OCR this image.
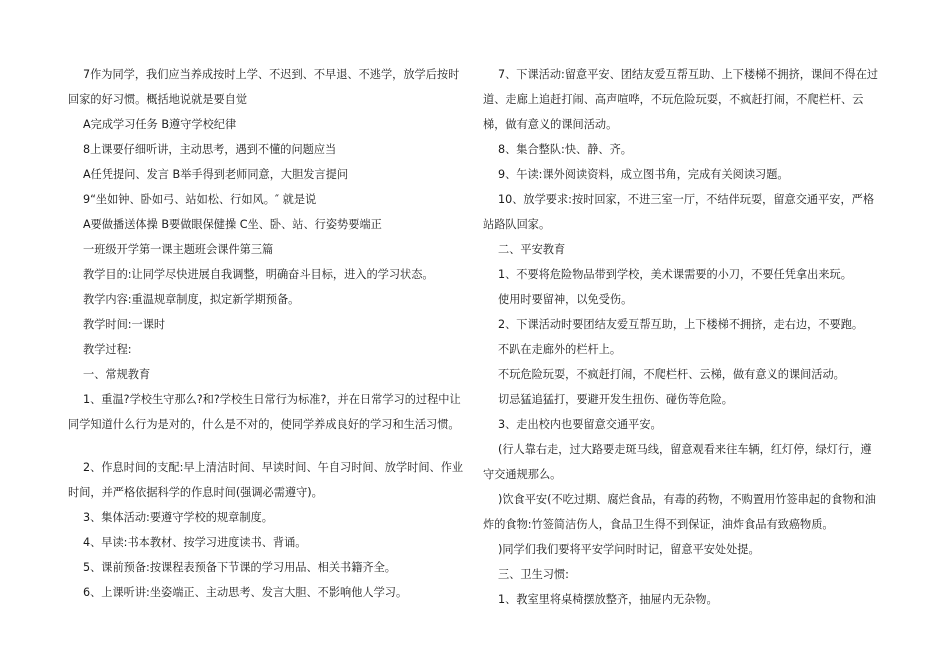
7作为同学，我们应当养成按时上学、不迟到、不早退、不逃学，放学后按时
回家的好习惯。概括地说就是要自觉
A完成学习任务 B遵守学校纪律
8上课要仔细听讲，主动思考，遇到不懂的问题应当
A任凭提问、发言 B举手得到老师同意，大胆发言提问
9“坐如钟、卧如弓、站如松、行如风。″ 就是说
A要做播送体操 B要做眼保健操 C坐、卧、站、行姿势要端正
一班级开学第一课主题班会课件第三篇
教学目的:让同学尽快进展自我调整，明确奋斗目标，进入的学习状态。
教学内容:重温规章制度，拟定新学期预备。
教学时间:一课时
教学过程:
一、常规教育
1、重温?学校生守那么?和?学校生日常行为标准?，并在日常学习的过程中让
同学知道什么行为是对的，什么是不对的，使同学养成良好的学习和生活习惯。
2、作息时间的支配:早上清洁时间、早读时间、午自习时间、放学时间、作业
时间，并严格依据科学的作息时间(强调必需遵守)。
3、集体活动:要遵守学校的规章制度。
4、早读:书本教材、按学习进度读书、背诵。
5、课前预备:按课程表预备下节课的学习用品、相关书籍齐全。
6、上课听讲:坐姿端正、主动思考、发言大胆、不影响他人学习。
7、下课活动:留意平安、团结友爱互帮互助、上下楼梯不拥挤，课间不得在过
道、走廊上追赶打闹、高声喧哗，不玩危险玩耍，不疯赶打闹，不爬栏杆、云
梯，做有意义的课间活动。
8、集合整队:快、静、齐。
9、午读:课外阅读资料，成立图书角，完成有关阅读习题。
10、放学要求:按时回家，不进三室一厅，不结伴玩耍，留意交通平安，严格
站路队回家。
二、平安教育
1、不要将危险物品带到学校，美术课需要的小刀，不要任凭拿出来玩。
使用时要留神，以免受伤。
2、下课活动时要团结友爱互帮互助，上下楼梯不拥挤，走右边，不要跑。
不趴在走廊外的栏杆上。
不玩危险玩耍，不疯赶打闹，不爬栏杆、云梯，做有意义的课间活动。
切忌猛追猛打，要避开发生扭伤、碰伤等危险。
3、走出校内也要留意交通平安。
(行人靠右走，过大路要走斑马线，留意观看来往车辆，红灯停，绿灯行，遵
守交通规那么。
)饮食平安(不吃过期、腐烂食品，有毒的药物，不购置用竹签串起的食物和油
炸的食物:竹签简洁伤人，食品卫生得不到保证，油炸食品有致癌物质。
)同学们我们要将平安学问时时记，留意平安处处提。
三、卫生习惯:
1、教室里将桌椅摆放整齐，抽屉内无杂物。
